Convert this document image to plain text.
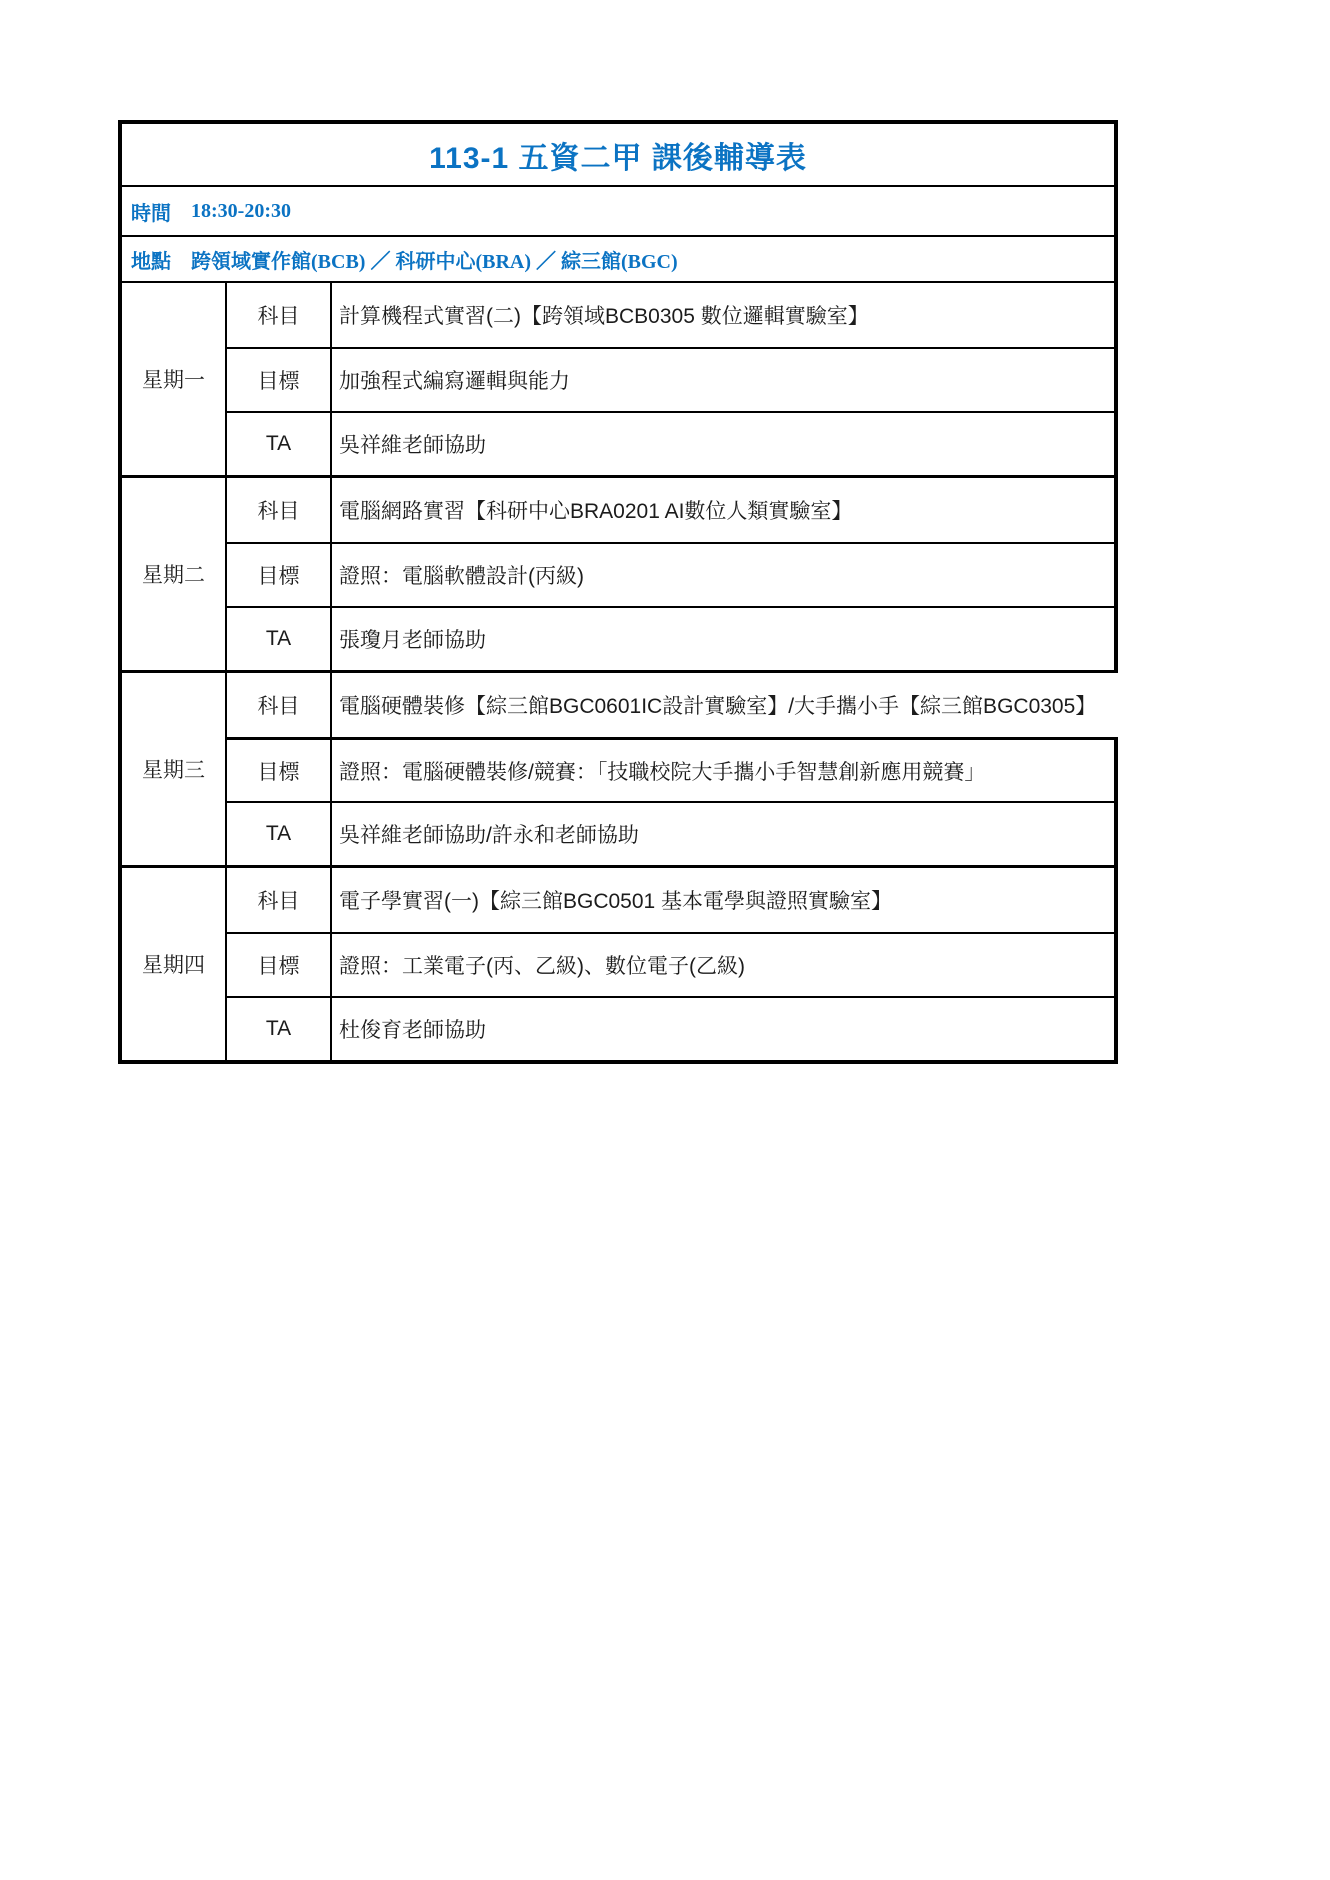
113-1 五資二甲 課後輔導表
時間 18:30-20:30
地點 跨領域實作館(BCB) ／ 科研中心(BRA) ／ 綜三館(BGC)
星期一
科目	計算機程式實習(二)【跨領域BCB0305 數位邏輯實驗室】
目標	加強程式編寫邏輯與能力
TA	吳祥維老師協助
星期二
科目	電腦網路實習【科研中心BRA0201 AI數位人類實驗室】
目標	證照：電腦軟體設計(丙級)
TA	張瓊月老師協助
星期三
科目	電腦硬體裝修【綜三館BGC0601IC設計實驗室】/大手攜小手【綜三館BGC0305】
目標	證照：電腦硬體裝修/競賽：「技職校院大手攜小手智慧創新應用競賽」
TA	吳祥維老師協助/許永和老師協助
星期四
科目	電子學實習(一)【綜三館BGC0501 基本電學與證照實驗室】
目標	證照：工業電子(丙、乙級)、數位電子(乙級)
TA	杜俊育老師協助
